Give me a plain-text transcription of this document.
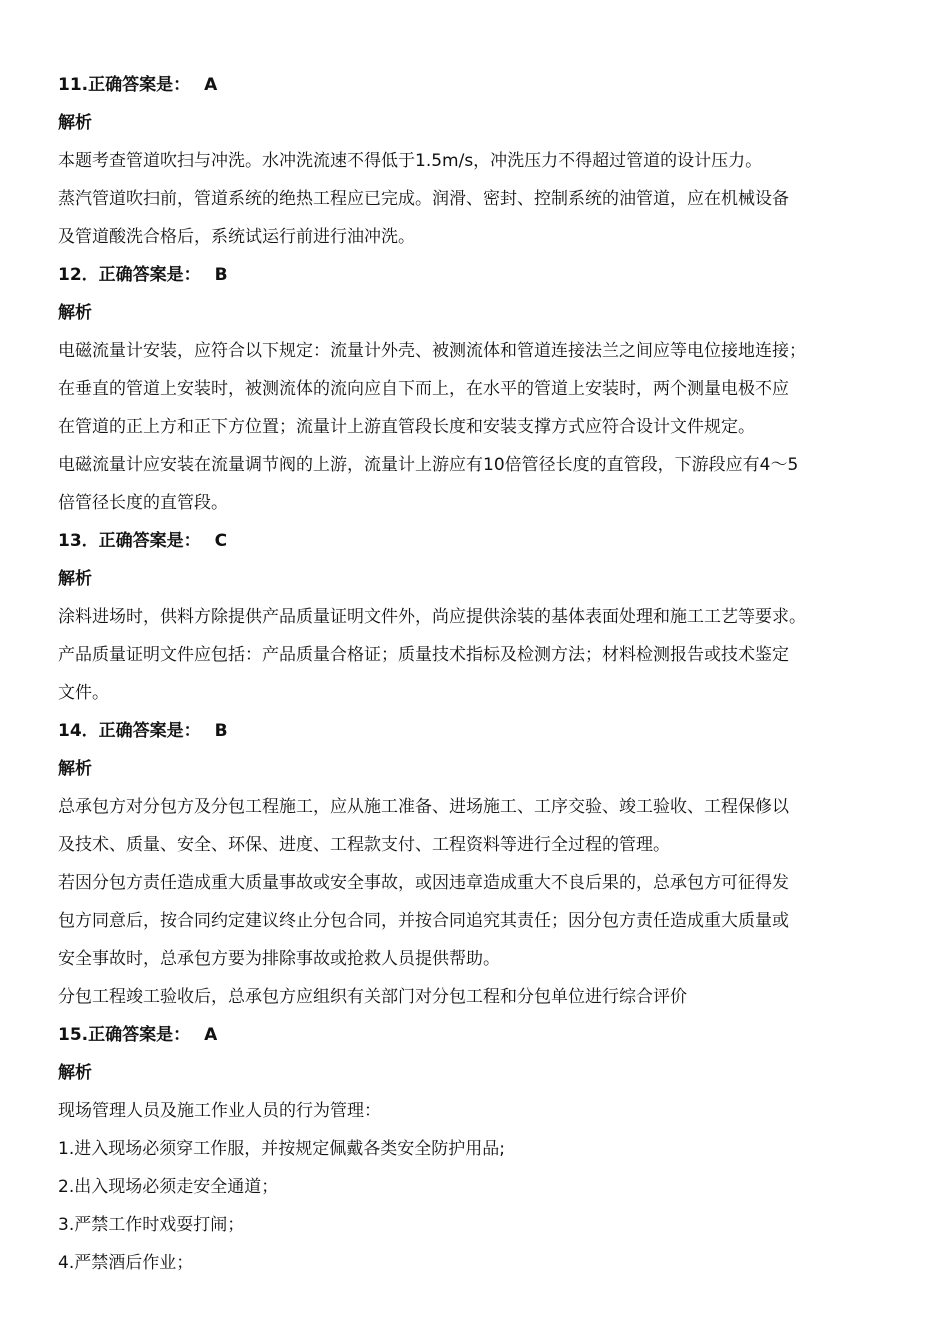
11.正确答案是： A
解析
本题考查管道吹扫与冲洗。水冲洗流速不得低于1.5m/s，冲洗压力不得超过管道的设计压力。
蒸汽管道吹扫前，管道系统的绝热工程应已完成。润滑、密封、控制系统的油管道，应在机械设备
及管道酸洗合格后，系统试运行前进行油冲洗。
12．正确答案是： B
解析
电磁流量计安装，应符合以下规定：流量计外壳、被测流体和管道连接法兰之间应等电位接地连接；
在垂直的管道上安装时，被测流体的流向应自下而上，在水平的管道上安装时，两个测量电极不应
在管道的正上方和正下方位置；流量计上游直管段长度和安装支撑方式应符合设计文件规定。
电磁流量计应安装在流量调节阀的上游，流量计上游应有10倍管径长度的直管段，下游段应有4～5
倍管径长度的直管段。
13．正确答案是： C
解析
涂料进场时，供料方除提供产品质量证明文件外，尚应提供涂装的基体表面处理和施工工艺等要求。
产品质量证明文件应包括：产品质量合格证；质量技术指标及检测方法；材料检测报告或技术鉴定
文件。
14．正确答案是： B
解析
总承包方对分包方及分包工程施工，应从施工准备、进场施工、工序交验、竣工验收、工程保修以
及技术、质量、安全、环保、进度、工程款支付、工程资料等进行全过程的管理。
若因分包方责任造成重大质量事故或安全事故，或因违章造成重大不良后果的，总承包方可征得发
包方同意后，按合同约定建议终止分包合同，并按合同追究其责任；因分包方责任造成重大质量或
安全事故时，总承包方要为排除事故或抢救人员提供帮助。
分包工程竣工验收后，总承包方应组织有关部门对分包工程和分包单位进行综合评价
15.正确答案是： A
解析
现场管理人员及施工作业人员的行为管理：
1.进入现场必须穿工作服，并按规定佩戴各类安全防护用品;
2.出入现场必须走安全通道；
3.严禁工作时戏耍打闹；
4.严禁酒后作业；
